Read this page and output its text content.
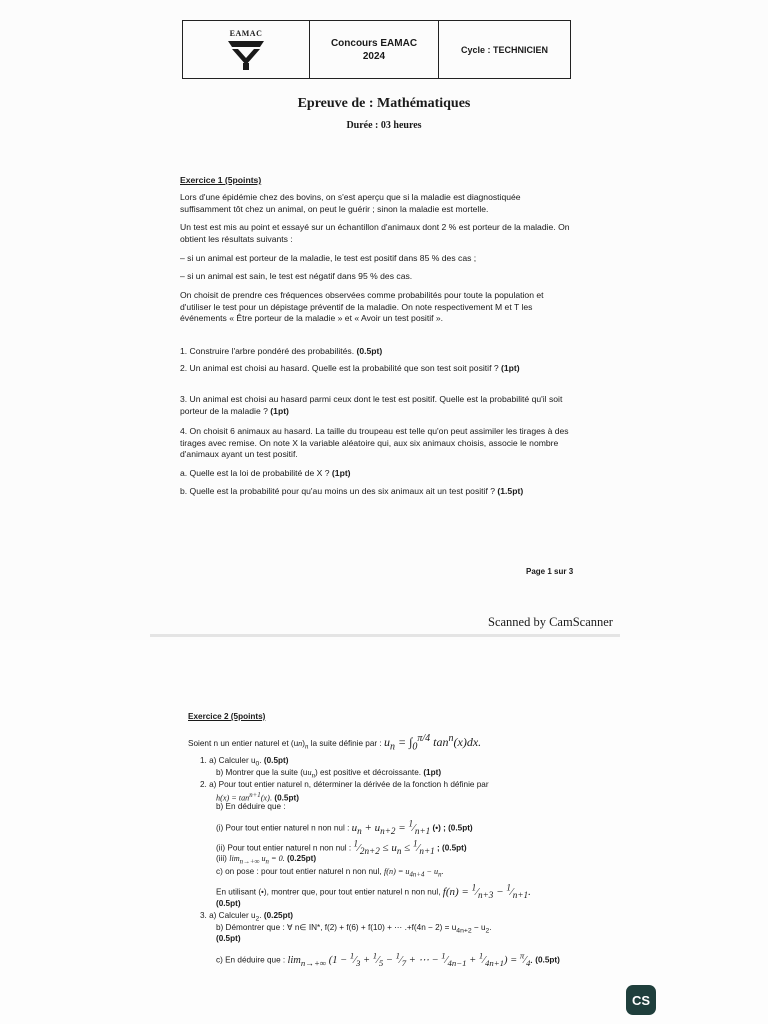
EAMAC
Concours EAMAC
2024
Cycle : TECHNICIEN
Epreuve de : Mathématiques
Durée : 03 heures
Exercice 1 (5points)
Lors d'une épidémie chez des bovins, on s'est aperçu que si la maladie est diagnostiquée suffisamment tôt chez un animal, on peut le guérir ; sinon la maladie est mortelle.
Un test est mis au point et essayé sur un échantillon d'animaux dont 2 % est porteur de la maladie. On obtient les résultats suivants :
– si un animal est porteur de la maladie, le test est positif dans 85 % des cas ;
– si un animal est sain, le test est négatif dans 95 % des cas.
On choisit de prendre ces fréquences observées comme probabilités pour toute la population et d'utiliser le test pour un dépistage préventif de la maladie. On note respectivement M et T les événements « Être porteur de la maladie » et « Avoir un test positif ».
1. Construire l'arbre pondéré des probabilités. (0.5pt)
2. Un animal est choisi au hasard. Quelle est la probabilité que son test soit positif ? (1pt)
3. Un animal est choisi au hasard parmi ceux dont le test est positif. Quelle est la probabilité qu'il soit porteur de la maladie ? (1pt)
4. On choisit 6 animaux au hasard. La taille du troupeau est telle qu'on peut assimiler les tirages à des tirages avec remise. On note X la variable aléatoire qui, aux six animaux choisis, associe le nombre d'animaux ayant un test positif.
a. Quelle est la loi de probabilité de X ? (1pt)
b. Quelle est la probabilité pour qu'au moins un des six animaux ait un test positif ? (1.5pt)
Page 1 sur 3
Scanned by CamScanner
Exercice 2 (5points)
Soient n un entier naturel et $(un)_n$ la suite définie par : $u_n = \int_0^{\pi/4}$ $\tan^n(x)dx$.
1. a) Calculer $u_0$. (0.5pt)
b) Montrer que la suite $(uu_n)$ est positive et décroissante. (1pt)
2. a) Pour tout entier naturel n, déterminer la dérivée de la fonction h définie par
$h(x) = \tan^{n+1}(x)$. (0.5pt)
b) En déduire que :
(i) Pour tout entier naturel n non nul : $u_n + u_{n+2}$ = $^1⁄_{n+1}$ (•) ; (0.5pt)
(ii) Pour tout entier naturel n non nul : $^1⁄_{2n+2} \le u_n$ ≤ $^1⁄_{n+1}$ ; (0.5pt)
(iii) $\lim_{n\to+\infty} u_n = 0$. (0.25pt)
c) on pose : pour tout entier naturel n non nul, $f(n) = u_{4n+4} - u_n$.
En utilisant (•), montrer que, pour tout entier naturel n non nul, $f(n) = ^1⁄_{n+3}$ − $^1⁄_{n+1}$.
(0.5pt)
3. a) Calculer $u_2$. (0.25pt)
b) Démontrer que : ∀ n∈ IN*, f(2) + f(6) + f(10) + ⋯ $.+f(4n - 2) = u_{4n+2} - u_2$.
(0.5pt)
c) En déduire que : $\lim_{n\to+\infty} (1$ − $^1⁄_3$ + $^1⁄_5$ − $^1⁄_7$ + ⋯ − $^1⁄_{4n-1}$ + $^1⁄_{4n+1}$) = $^\pi⁄_4$. (0.5pt)
CS
